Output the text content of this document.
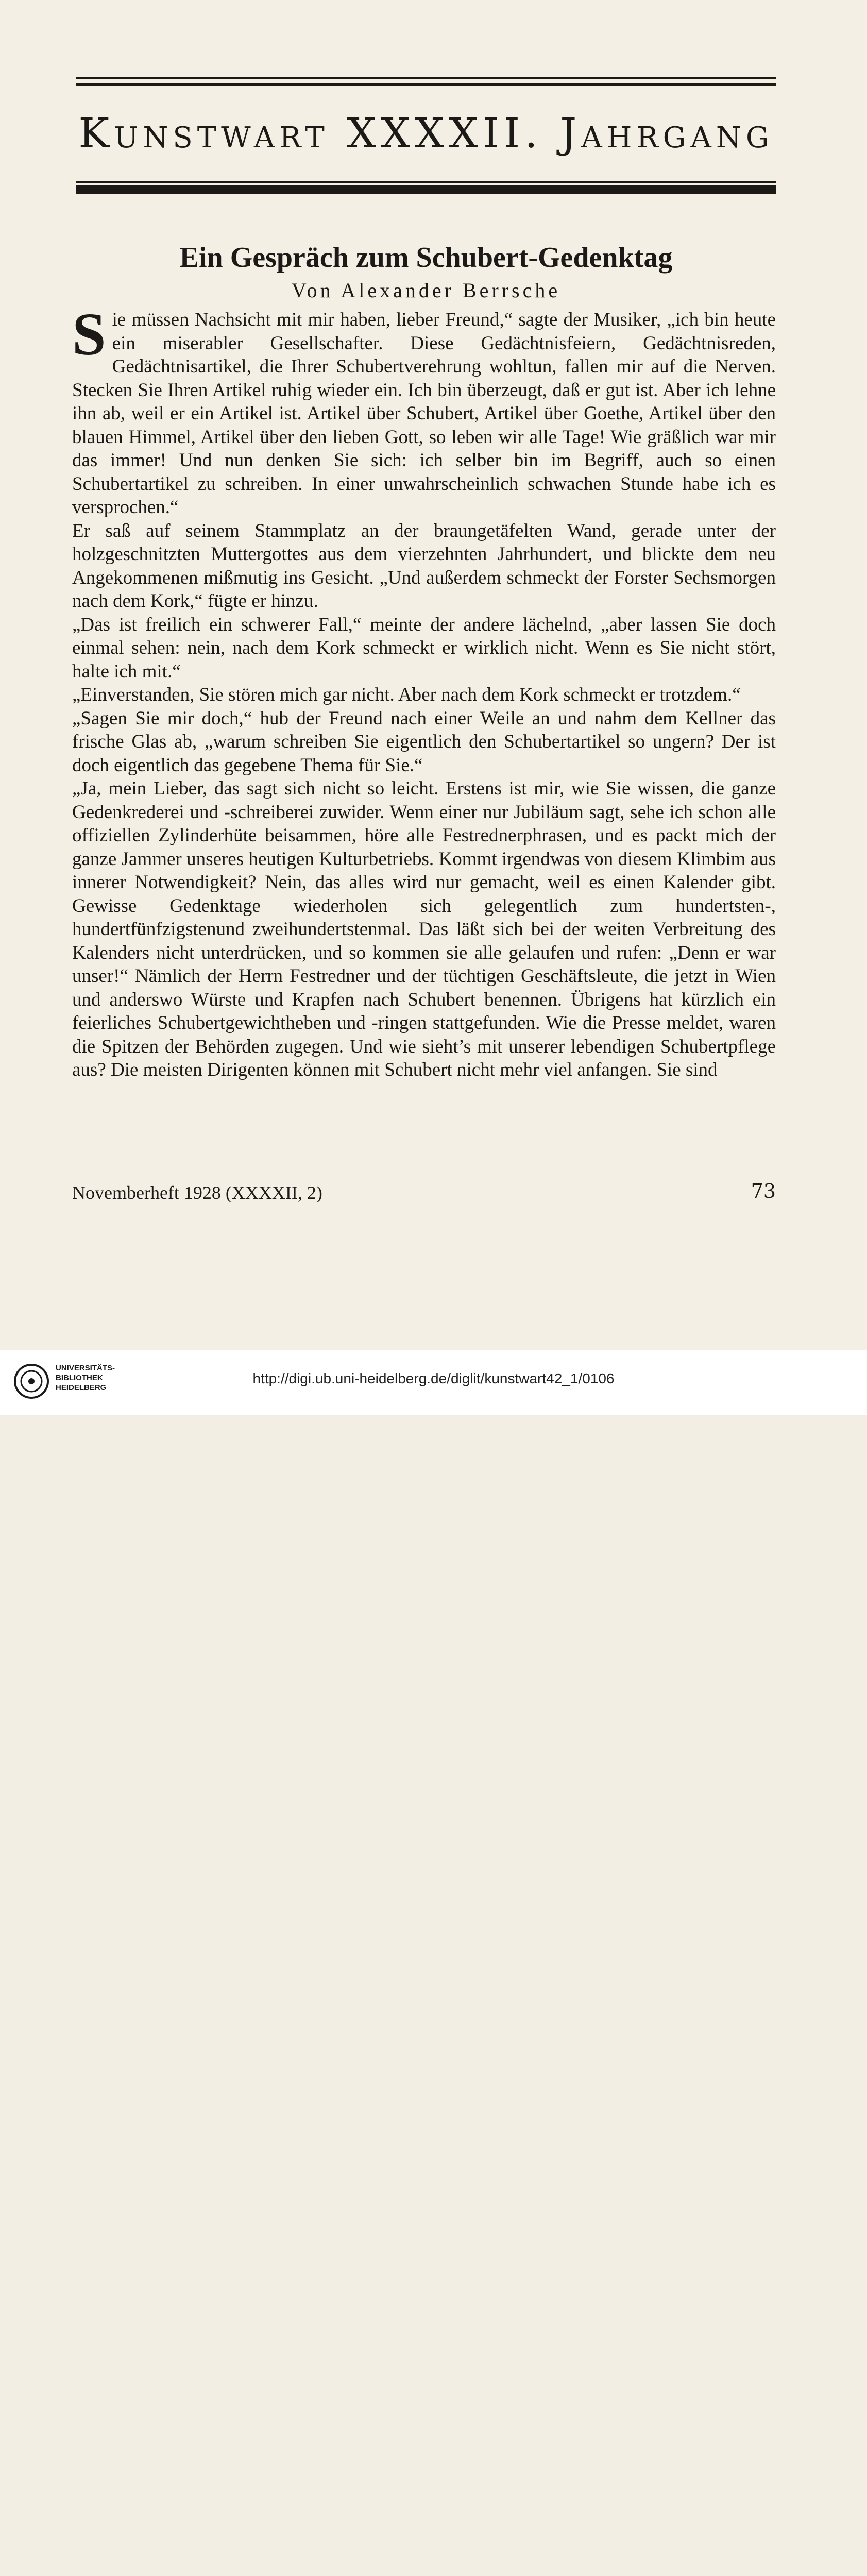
Kunstwart XXXXII. Jahrgang
Ein Gespräch zum Schubert-Gedenktag
Von Alexander Berrsche

Sie müssen Nachsicht mit mir haben, lieber Freund,“ sagte der Musiker, „ich bin heute ein miserabler Gesellschafter. Diese Gedächtnisfeiern, Gedächtnisreden, Gedächtnisartikel, die Ihrer Schubertverehrung wohltun, fallen mir auf die Nerven. Stecken Sie Ihren Artikel ruhig wieder ein. Ich bin überzeugt, daß er gut ist. Aber ich lehne ihn ab, weil er ein Artikel ist. Artikel über Schubert, Artikel über Goethe, Artikel über den blauen Himmel, Artikel über den lieben Gott, so leben wir alle Tage! Wie gräßlich war mir das immer! Und nun denken Sie sich: ich selber bin im Begriff, auch so einen Schubertartikel zu schreiben. In einer unwahrscheinlich schwachen Stunde habe ich es versprochen.“

Er saß auf seinem Stammplatz an der braungetäfelten Wand, gerade unter der holzgeschnitzten Muttergottes aus dem vierzehnten Jahrhundert, und blickte dem neu Angekommenen mißmutig ins Gesicht. „Und außerdem schmeckt der Forster Sechsmorgen nach dem Kork,“ fügte er hinzu.

„Das ist freilich ein schwerer Fall,“ meinte der andere lächelnd, „aber lassen Sie doch einmal sehen: nein, nach dem Kork schmeckt er wirklich nicht. Wenn es Sie nicht stört, halte ich mit.“

„Einverstanden, Sie stören mich gar nicht. Aber nach dem Kork schmeckt er trotzdem.“

„Sagen Sie mir doch,“ hub der Freund nach einer Weile an und nahm dem Kellner das frische Glas ab, „warum schreiben Sie eigentlich den Schubertartikel so ungern? Der ist doch eigentlich das gegebene Thema für Sie.“

„Ja, mein Lieber, das sagt sich nicht so leicht. Erstens ist mir, wie Sie wissen, die ganze Gedenkrederei und -schreiberei zuwider. Wenn einer nur Jubiläum sagt, sehe ich schon alle offiziellen Zylinderhüte beisammen, höre alle Festrednerphrasen, und es packt mich der ganze Jammer unseres heutigen Kulturbetriebs. Kommt irgendwas von diesem Klimbim aus innerer Notwendigkeit? Nein, das alles wird nur gemacht, weil es einen Kalender gibt. Gewisse Gedenktage wiederholen sich gelegentlich zum hundertsten-, hundertfünfzigstenund zweihundertstenmal. Das läßt sich bei der weiten Verbreitung des Kalenders nicht unterdrücken, und so kommen sie alle gelaufen und rufen: „Denn er war unser!“ Nämlich der Herrn Festredner und der tüchtigen Geschäftsleute, die jetzt in Wien und anderswo Würste und Krapfen nach Schubert benennen. Übrigens hat kürzlich ein feierliches Schubertgewichtheben und -ringen stattgefunden. Wie die Presse meldet, waren die Spitzen der Behörden zugegen. Und wie sieht’s mit unserer lebendigen Schubertpflege aus? Die meisten Dirigenten können mit Schubert nicht mehr viel anfangen. Sie sind

Novemberheft 1928 (XXXXII, 2)	73
UNIVERSITÄTS-
BIBLIOTHEK
HEIDELBERG
http://digi.ub.uni-heidelberg.de/diglit/kunstwart42_1/0106
